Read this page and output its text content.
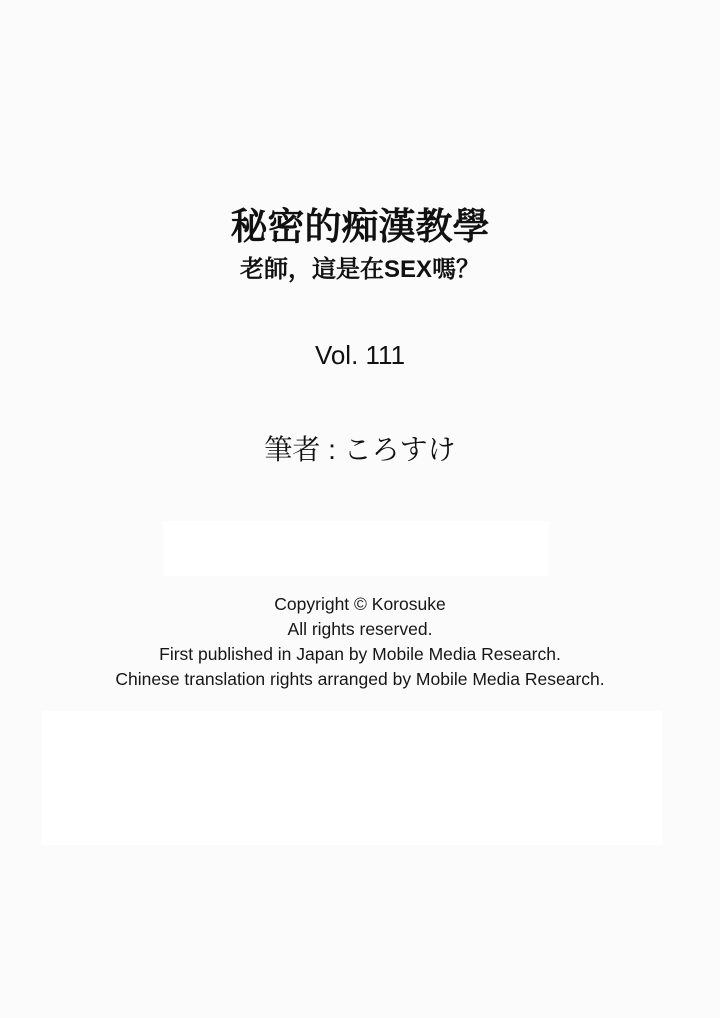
秘密的痴漢教學
老師，這是在SEX嗎？
Vol. 111
筆者 : ころすけ
Copyright © Korosuke
All rights reserved.
First published in Japan by Mobile Media Research.
Chinese translation rights arranged by Mobile Media Research.
